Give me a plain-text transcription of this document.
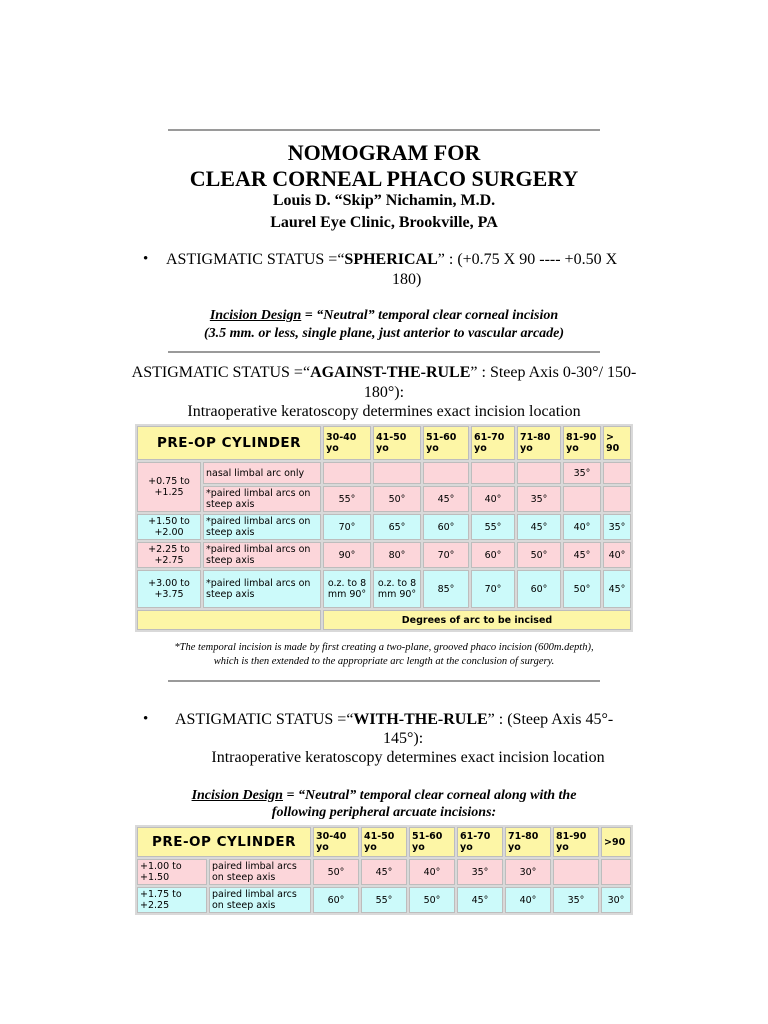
NOMOGRAM FOR
CLEAR CORNEAL PHACO SURGERY
Louis D. “Skip” Nichamin, M.D.
Laurel Eye Clinic, Brookville, PA
• ASTIGMATIC STATUS =“SPHERICAL” : (+0.75 X 90 ---- +0.50 X
180)
Incision Design = “Neutral” temporal clear corneal incision
(3.5 mm. or less, single plane, just anterior to vascular arcade)
ASTIGMATIC STATUS =“AGAINST-THE-RULE” : Steep Axis 0-30°/ 150-
180°):
Intraoperative keratoscopy determines exact incision location
PRE-OP CYLINDER		30-40 yo	41-50 yo	51-60 yo	61-70 yo	71-80 yo	81-90 yo	> 90
+0.75 to +1.25	nasal limbal arc only						35°	
	*paired limbal arcs on steep axis	55°	50°	45°	40°	35°		
+1.50 to +2.00	*paired limbal arcs on steep axis	70°	65°	60°	55°	45°	40°	35°
+2.25 to +2.75	*paired limbal arcs on steep axis	90°	80°	70°	60°	50°	45°	40°
+3.00 to +3.75	*paired limbal arcs on steep axis	o.z. to 8 mm 90°	o.z. to 8 mm 90°	85°	70°	60°	50°	45°
		Degrees of arc to be incised						
*The temporal incision is made by first creating a two-plane, grooved phaco incision (600m.depth),
which is then extended to the appropriate arc length at the conclusion of surgery.
• ASTIGMATIC STATUS =“WITH-THE-RULE” : (Steep Axis 45°-
145°):
Intraoperative keratoscopy determines exact incision location
Incision Design = “Neutral” temporal clear corneal along with the
following peripheral arcuate incisions:
PRE-OP CYLINDER		30-40 yo	41-50 yo	51-60 yo	61-70 yo	71-80 yo	81-90 yo	>90
+1.00 to +1.50	paired limbal arcs on steep axis	50°	45°	40°	35°	30°		
+1.75 to +2.25	paired limbal arcs on steep axis	60°	55°	50°	45°	40°	35°	30°
